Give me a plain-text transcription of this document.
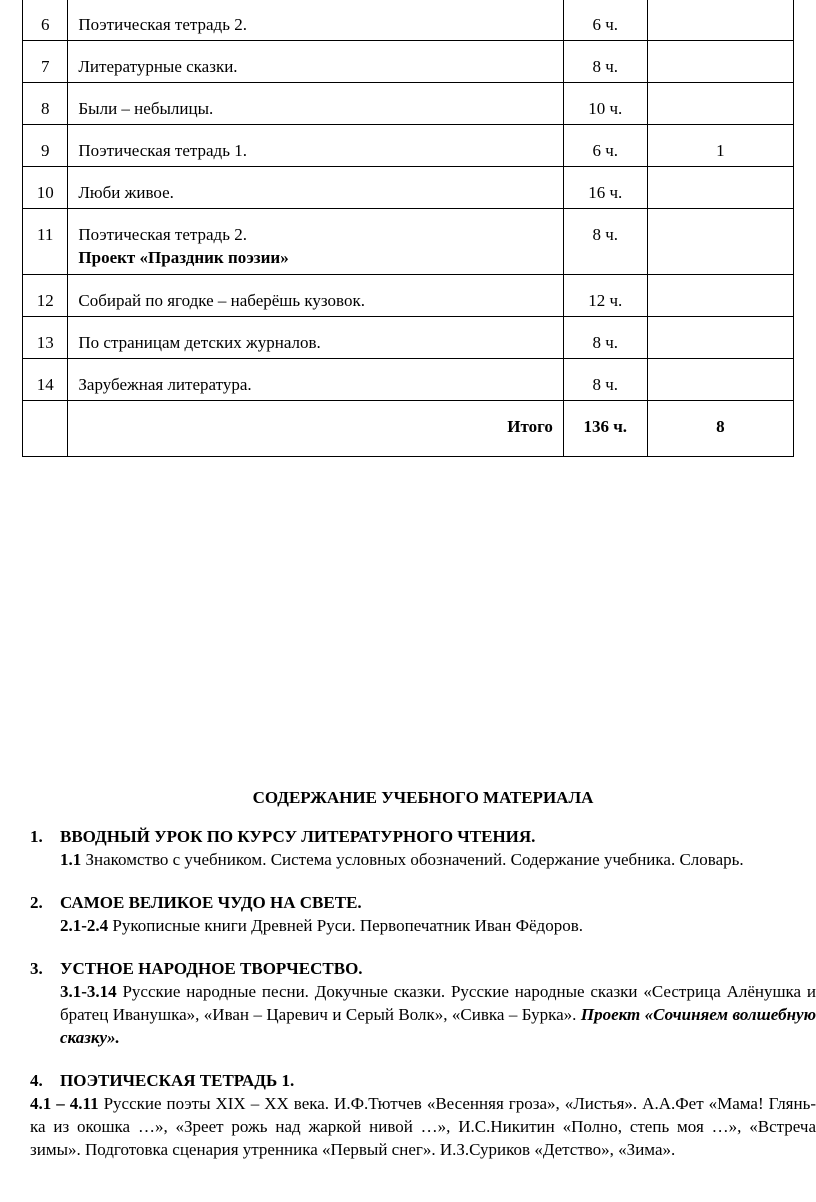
6	Поэтическая тетрадь 2.	6 ч.	
7	Литературные сказки.	8 ч.	
8	Были – небылицы.	10 ч.	
9	Поэтическая тетрадь 1.	6 ч.	1
10	Люби живое.	16 ч.	
11	Поэтическая тетрадь 2.
Проект «Праздник поэзии»	8 ч.	
12	Собирай по ягодке – наберёшь кузовок.	12 ч.	
13	По страницам детских журналов.	8 ч.	
14	Зарубежная литература.	8 ч.	
	Итого	136 ч.	8
СОДЕРЖАНИЕ УЧЕБНОГО МАТЕРИАЛА
1.	ВВОДНЫЙ УРОК ПО КУРСУ ЛИТЕРАТУРНОГО ЧТЕНИЯ.
1.1 Знакомство с учебником. Система условных обозначений. Содержание учебника. Словарь.
2.	САМОЕ ВЕЛИКОЕ ЧУДО НА СВЕТЕ.
2.1-2.4 Рукописные книги Древней Руси. Первопечатник Иван Фёдоров.
3.	УСТНОЕ НАРОДНОЕ ТВОРЧЕСТВО.
3.1-3.14 Русские народные песни. Докучные сказки. Русские народные сказки «Сестрица Алёнушка и братец Иванушка», «Иван – Царевич и Серый Волк», «Сивка – Бурка». Проект «Сочиняем волшебную сказку».
4.	ПОЭТИЧЕСКАЯ ТЕТРАДЬ 1.
4.1 – 4.11 Русские поэты XIX – XX века. И.Ф.Тютчев «Весенняя гроза», «Листья». А.А.Фет «Мама! Глянь-ка из окошка …», «Зреет рожь над жаркой нивой …», И.С.Никитин «Полно, степь моя …», «Встреча зимы». Подготовка сценария утренника «Первый снег». И.З.Суриков «Детство», «Зима».
